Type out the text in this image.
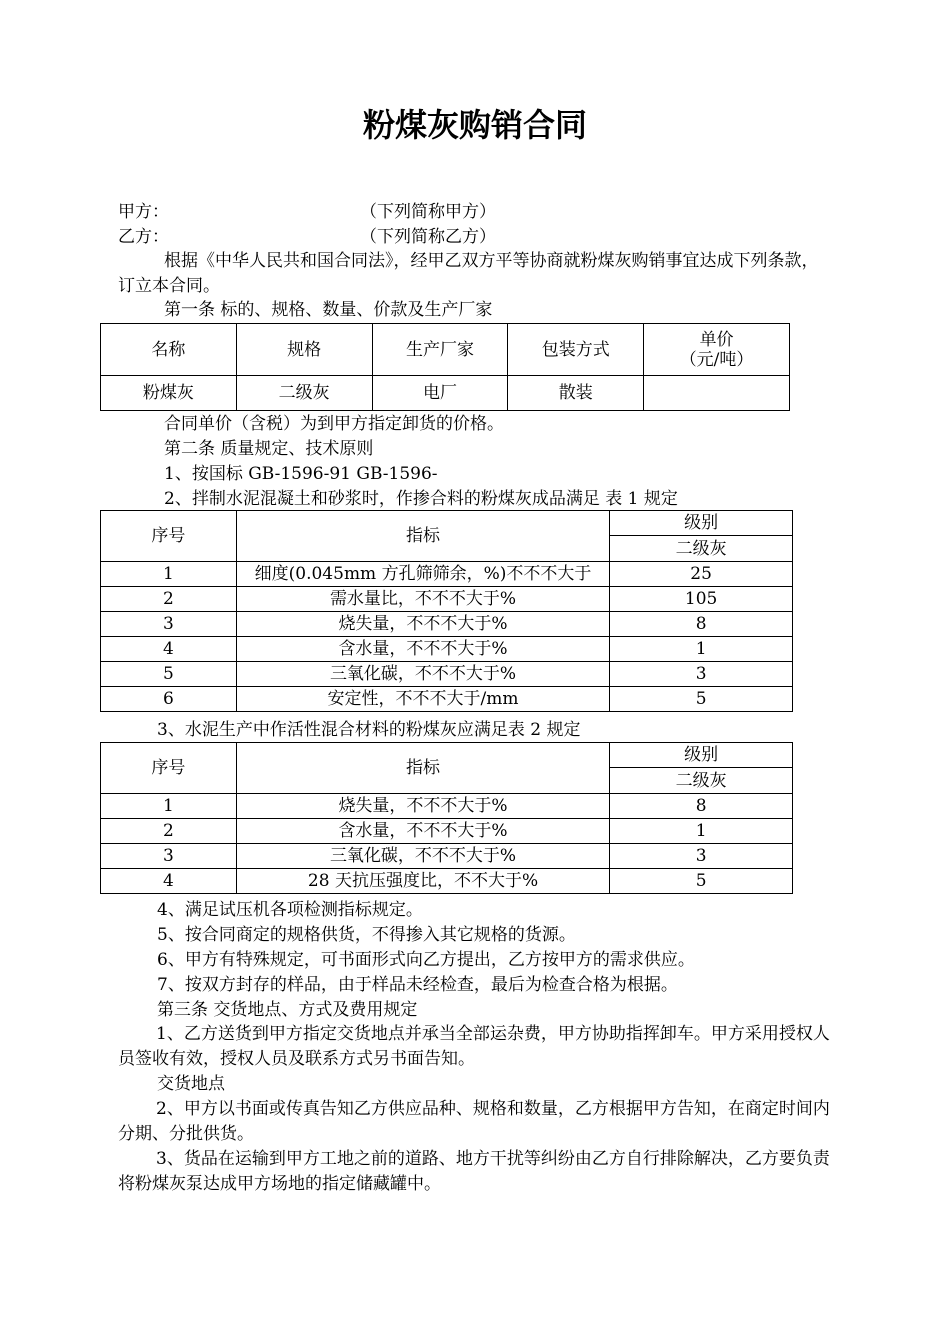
粉煤灰购销合同
甲方：	（下列简称甲方）
乙方：	（下列简称乙方）
根据《中华人民共和国合同法》，经甲乙双方平等协商就粉煤灰购销事宜达成下列条款，订立本合同。
第一条 标的、规格、数量、价款及生产厂家
名称	规格	生产厂家	包装方式	单价
（元/吨）

粉煤灰	二级灰	电厂	散装	
合同单价（含税）为到甲方指定卸货的价格。
第二条 质量规定、技术原则
1、按国标 GB-1596-91 GB-1596-
2、拌制水泥混凝土和砂浆时，作掺合料的粉煤灰成品满足 表 1 规定
序号	指标	级别
		二级灰
1	细度(0.045mm 方孔筛筛余，%)不不不大于	25
2	需水量比，不不不大于%	105
3	烧失量，不不不大于%	8
4	含水量，不不不大于%	1
5	三氧化碳，不不不大于%	3
6	安定性，不不不大于/mm	5
3、水泥生产中作活性混合材料的粉煤灰应满足表 2 规定
序号	指标	级别
		二级灰
1	烧失量，不不不大于%	8
2	含水量，不不不大于%	1
3	三氧化碳，不不不大于%	3
4	28 天抗压强度比，不不大于%	5
4、满足试压机各项检测指标规定。
5、按合同商定的规格供货，不得掺入其它规格的货源。
6、甲方有特殊规定，可书面形式向乙方提出，乙方按甲方的需求供应。
7、按双方封存的样品，由于样品未经检查，最后为检查合格为根据。
第三条 交货地点、方式及费用规定
1、乙方送货到甲方指定交货地点并承当全部运杂费，甲方协助指挥卸车。甲方采用授权人员签收有效，授权人员及联系方式另书面告知。
交货地点
2、甲方以书面或传真告知乙方供应品种、规格和数量，乙方根据甲方告知，在商定时间内分期、分批供货。
3、货品在运输到甲方工地之前的道路、地方干扰等纠纷由乙方自行排除解决，乙方要负责将粉煤灰泵达成甲方场地的指定储藏罐中。
